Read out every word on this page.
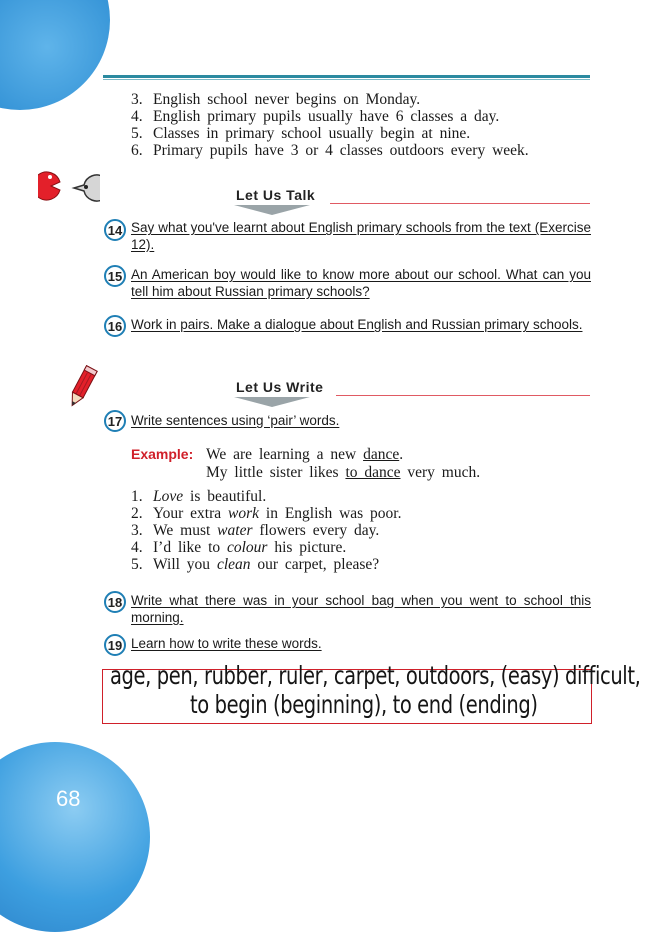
68
3. English school never begins on Monday.
4. English primary pupils usually have 6 classes a day.
5. Classes in primary school usually begin at nine.
6. Primary pupils have 3 or 4 classes outdoors every week.
Let Us Talk
14 Say what you've learnt about English primary schools from the text (Exercise 12).
15 An American boy would like to know more about our school. What can you tell him about Russian primary schools?
16 Work in pairs. Make a dialogue about English and Russian primary schools.
Let Us Write
17 Write sentences using ‘pair’ words.
Example: We are learning a new dance.
My little sister likes to dance very much.
1. Love is beautiful.
2. Your extra work in English was poor.
3. We must water flowers every day.
4. I’d like to colour his picture.
5. Will you clean our carpet, please?
18 Write what there was in your school bag when you went to school this morning.
19 Learn how to write these words.
age, pen, rubber, ruler, carpet, outdoors, (easy) difficult,
to begin (beginning), to end (ending)
